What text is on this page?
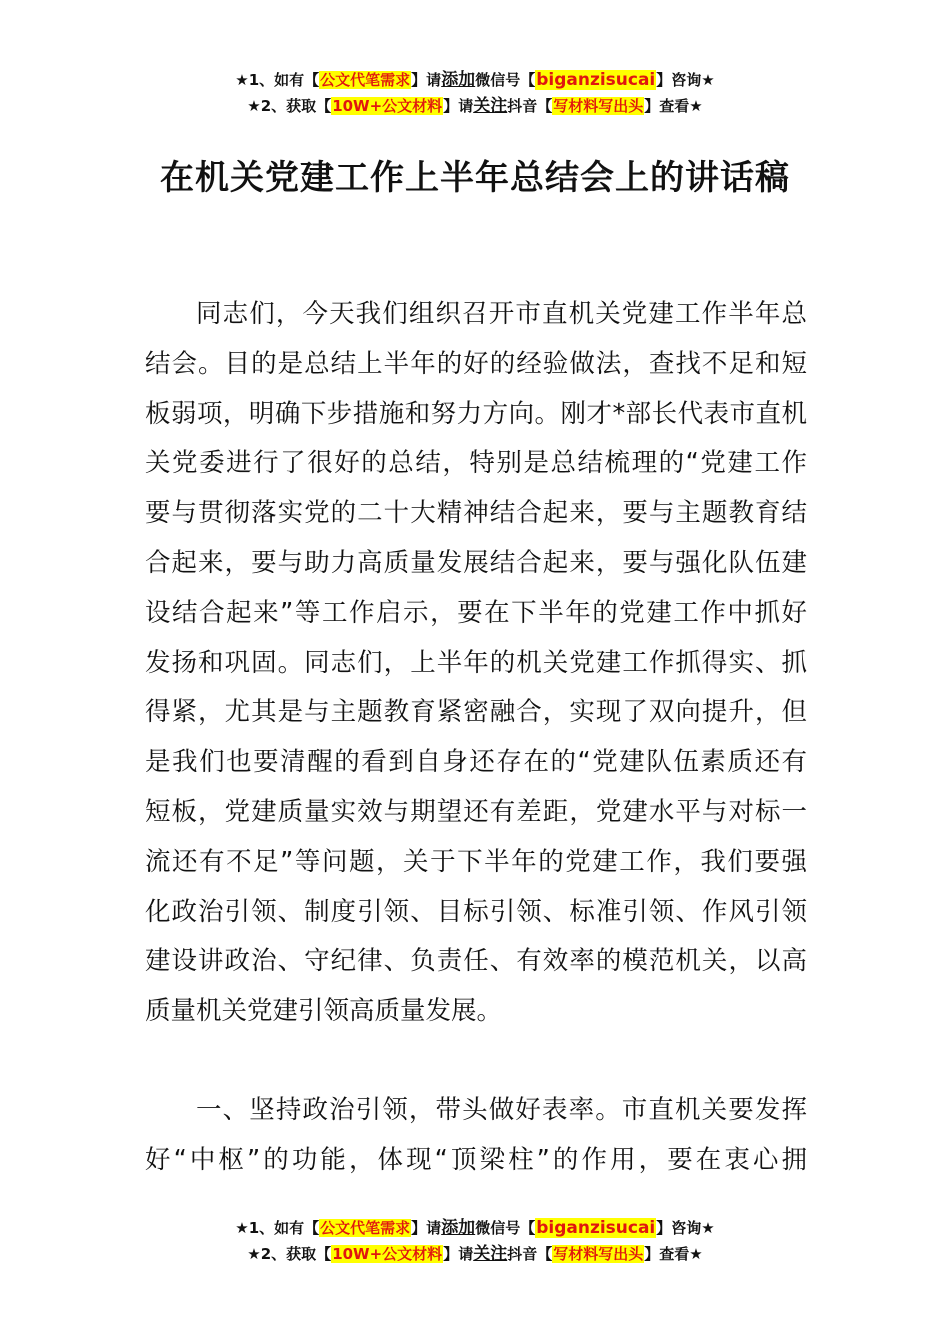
★1、如有【公文代笔需求】请添加微信号【biganzisucai】咨询★
★2、获取【10W+公文材料】请关注抖音【写材料写出头】查看★
在机关党建工作上半年总结会上的讲话稿
同志们，今天我们组织召开市直机关党建工作半年总
结会。目的是总结上半年的好的经验做法，查找不足和短
板弱项，明确下步措施和努力方向。刚才*部长代表市直机
关党委进行了很好的总结，特别是总结梳理的“党建工作
要与贯彻落实党的二十大精神结合起来，要与主题教育结
合起来，要与助力高质量发展结合起来，要与强化队伍建
设结合起来”等工作启示，要在下半年的党建工作中抓好
发扬和巩固。同志们，上半年的机关党建工作抓得实、抓
得紧，尤其是与主题教育紧密融合，实现了双向提升，但
是我们也要清醒的看到自身还存在的“党建队伍素质还有
短板，党建质量实效与期望还有差距，党建水平与对标一
流还有不足”等问题，关于下半年的党建工作，我们要强
化政治引领、制度引领、目标引领、标准引领、作风引领
建设讲政治、守纪律、负责任、有效率的模范机关，以高
质量机关党建引领高质量发展。
一、坚持政治引领，带头做好表率。市直机关要发挥
好“中枢”的功能，体现“顶梁柱”的作用，要在衷心拥
★1、如有【公文代笔需求】请添加微信号【biganzisucai】咨询★
★2、获取【10W+公文材料】请关注抖音【写材料写出头】查看★
